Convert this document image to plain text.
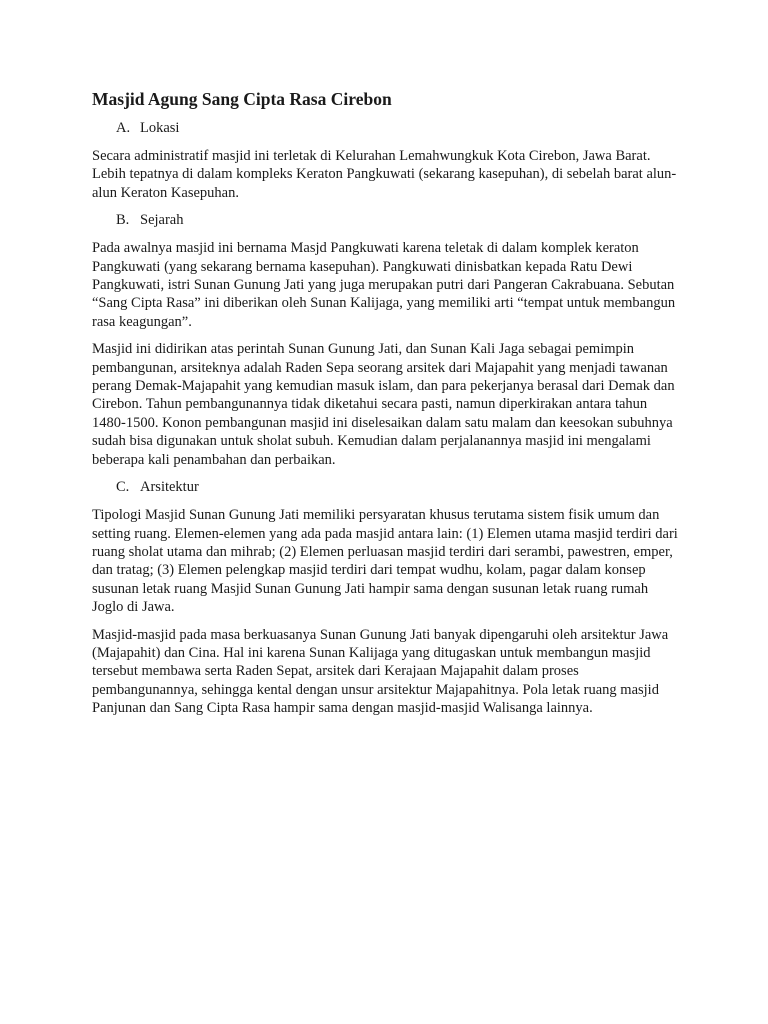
Masjid Agung Sang Cipta Rasa Cirebon
A. Lokasi

Secara administratif masjid ini terletak di Kelurahan Lemahwungkuk Kota Cirebon, Jawa Barat. Lebih tepatnya di dalam kompleks Keraton Pangkuwati (sekarang kasepuhan), di sebelah barat alun-alun Keraton Kasepuhan.

B. Sejarah

Pada awalnya masjid ini bernama Masjd Pangkuwati karena teletak di dalam komplek keraton Pangkuwati (yang sekarang bernama kasepuhan). Pangkuwati dinisbatkan kepada Ratu Dewi Pangkuwati, istri Sunan Gunung Jati yang juga merupakan putri dari Pangeran Cakrabuana. Sebutan “Sang Cipta Rasa” ini diberikan oleh Sunan Kalijaga, yang memiliki arti “tempat untuk membangun rasa keagungan”.

Masjid ini didirikan atas perintah Sunan Gunung Jati, dan Sunan Kali Jaga sebagai pemimpin pembangunan, arsiteknya adalah Raden Sepa seorang arsitek dari Majapahit yang menjadi tawanan perang Demak-Majapahit yang kemudian masuk islam, dan para pekerjanya berasal dari Demak dan Cirebon. Tahun pembangunannya tidak diketahui secara pasti, namun diperkirakan antara tahun 1480-1500. Konon pembangunan masjid ini diselesaikan dalam satu malam dan keesokan subuhnya sudah bisa digunakan untuk sholat subuh. Kemudian dalam perjalanannya masjid ini mengalami beberapa kali penambahan dan perbaikan.

C. Arsitektur

Tipologi Masjid Sunan Gunung Jati memiliki persyaratan khusus terutama sistem fisik umum dan setting ruang. Elemen-elemen yang ada pada masjid antara lain: (1) Elemen utama masjid terdiri dari ruang sholat utama dan mihrab; (2) Elemen perluasan masjid terdiri dari serambi, pawestren, emper, dan tratag; (3) Elemen pelengkap masjid terdiri dari tempat wudhu, kolam, pagar dalam konsep susunan letak ruang Masjid Sunan Gunung Jati hampir sama dengan susunan letak ruang rumah Joglo di Jawa.

Masjid-masjid pada masa berkuasanya Sunan Gunung Jati banyak dipengaruhi oleh arsitektur Jawa (Majapahit) dan Cina. Hal ini karena Sunan Kalijaga yang ditugaskan untuk membangun masjid tersebut membawa serta Raden Sepat, arsitek dari Kerajaan Majapahit dalam proses pembangunannya, sehingga kental dengan unsur arsitektur Majapahitnya. Pola letak ruang masjid Panjunan dan Sang Cipta Rasa hampir sama dengan masjid-masjid Walisanga lainnya.
